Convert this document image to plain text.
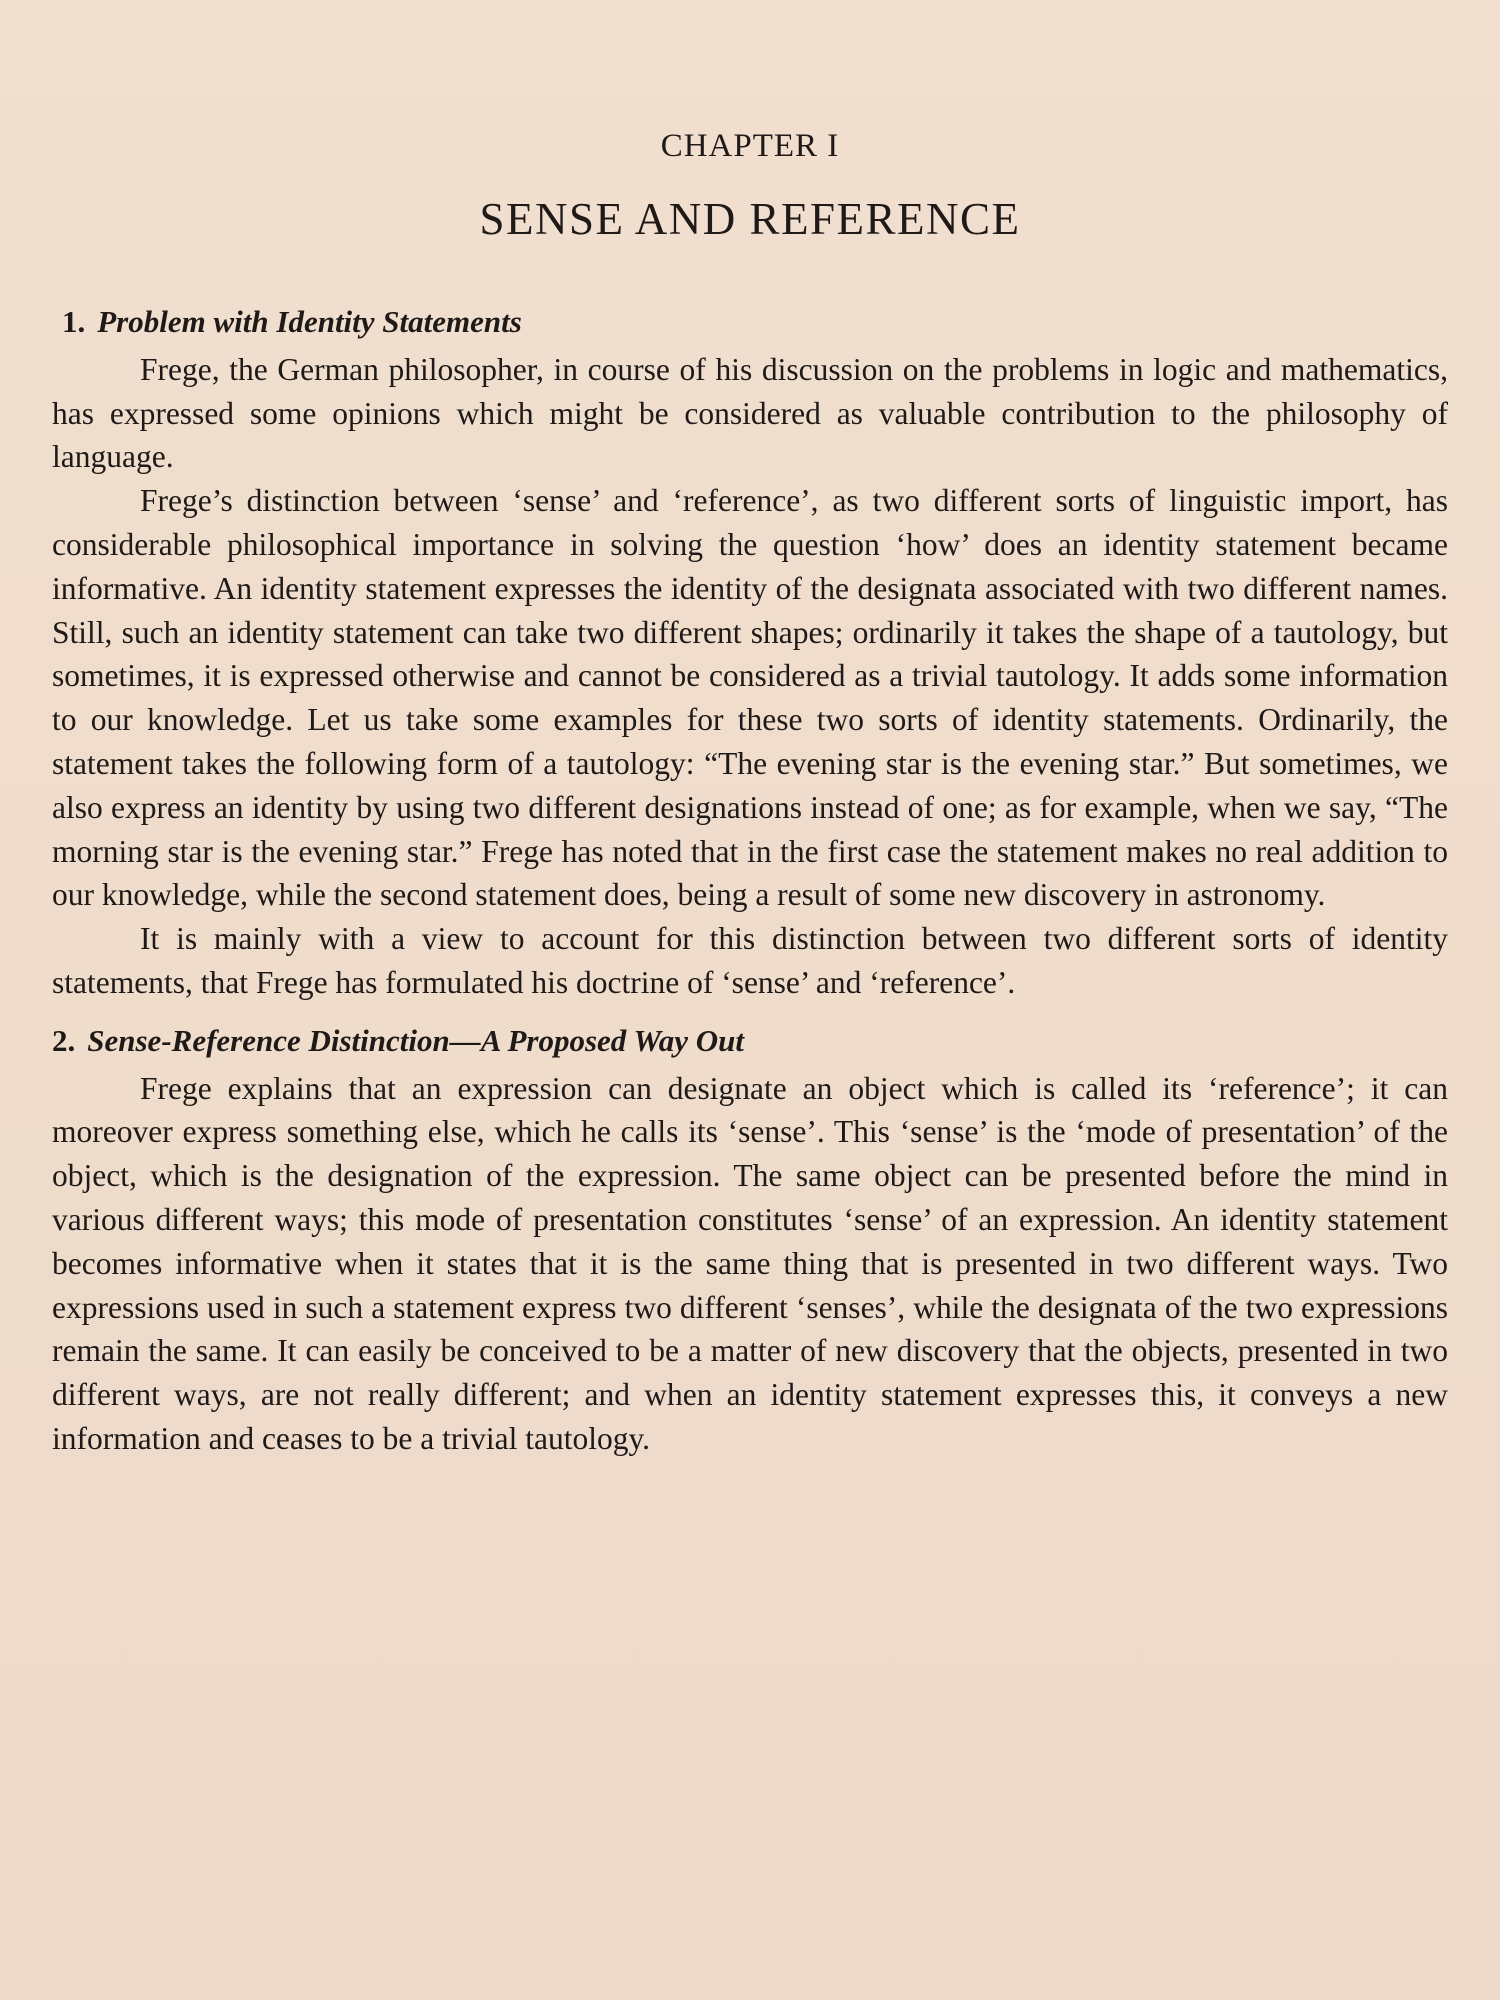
CHAPTER I
SENSE AND REFERENCE
1. Problem with Identity Statements

Frege, the German philosopher, in course of his discussion on the problems in logic and mathematics, has expressed some opinions which might be considered as valuable contribution to the philosophy of language.

Frege’s distinction between ‘sense’ and ‘reference’, as two different sorts of linguistic import, has considerable philosophical importance in solving the question ‘how’ does an identity statement became informative. An identity statement expresses the identity of the designata associated with two different names. Still, such an identity statement can take two different shapes; ordinarily it takes the shape of a tautology, but sometimes, it is expressed otherwise and cannot be considered as a trivial tautology. It adds some information to our knowledge. Let us take some examples for these two sorts of identity statements. Ordinarily, the statement takes the following form of a tautology: “The evening star is the evening star.” But sometimes, we also express an identity by using two different designations instead of one; as for example, when we say, “The morning star is the evening star.” Frege has noted that in the first case the statement makes no real addition to our knowledge, while the second statement does, being a result of some new discovery in astronomy.

It is mainly with a view to account for this distinction between two different sorts of identity statements, that Frege has formulated his doctrine of ‘sense’ and ‘reference’.

2. Sense-Reference Distinction—A Proposed Way Out

Frege explains that an expression can designate an object which is called its ‘reference’; it can moreover express something else, which he calls its ‘sense’. This ‘sense’ is the ‘mode of presentation’ of the object, which is the designation of the expression. The same object can be presented before the mind in various different ways; this mode of presentation constitutes ‘sense’ of an expression. An identity statement becomes informative when it states that it is the same thing that is presented in two different ways. Two expressions used in such a statement express two different ‘senses’, while the designata of the two expressions remain the same. It can easily be conceived to be a matter of new discovery that the objects, presented in two different ways, are not really different; and when an identity statement expresses this, it conveys a new information and ceases to be a trivial tautology.
